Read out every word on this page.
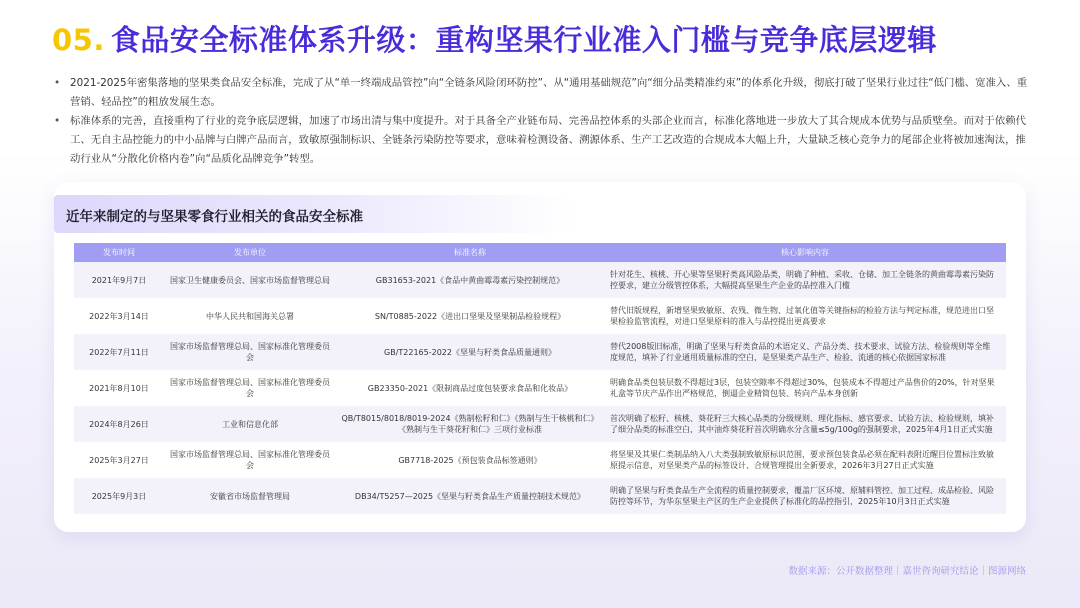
05. 食品安全标准体系升级：重构坚果行业准入门槛与竞争底层逻辑
• 2021-2025年密集落地的坚果类食品安全标准，完成了从“单一终端成品管控”向“全链条风险闭环防控”、从“通用基础规范”向“细分品类精准约束”的体系化升级，彻底打破了坚果行业过往“低门槛、宽准入、重营销、轻品控”的粗放发展生态。
• 标准体系的完善，直接重构了行业的竞争底层逻辑，加速了市场出清与集中度提升。对于具备全产业链布局、完善品控体系的头部企业而言，标准化落地进一步放大了其合规成本优势与品质壁垒。而对于依赖代工、无自主品控能力的中小品牌与白牌产品而言，致敏原强制标识、全链条污染防控等要求，意味着检测设备、溯源体系、生产工艺改造的合规成本大幅上升，大量缺乏核心竞争力的尾部企业将被加速淘汰，推动行业从“分散化价格内卷”向“品质化品牌竞争”转型。
近年来制定的与坚果零食行业相关的食品安全标准
发布时间	发布单位	标准名称	核心影响内容
2021年9月7日	国家卫生健康委员会、国家市场监督管理总局	GB31653-2021《食品中黄曲霉毒素污染控制规范》	针对花生、核桃、开心果等坚果籽类高风险品类，明确了种植、采收、仓储、加工全链条的黄曲霉毒素污染防控要求，建立分级管控体系，大幅提高坚果生产企业的品控准入门槛
2022年3月14日	中华人民共和国海关总署	SN/T0885-2022《进出口坚果及坚果制品检验规程》	替代旧版规程，新增坚果致敏原、农残、微生物、过氧化值等关键指标的检验方法与判定标准，规范进出口坚果检验监管流程，对进口坚果原料的准入与品控提出更高要求
2022年7月11日	国家市场监督管理总局、国家标准化管理委员会	GB/T22165-2022《坚果与籽类食品质量通则》	替代2008版旧标准，明确了坚果与籽类食品的术语定义、产品分类、技术要求、试验方法、检验规则等全维度规范，填补了行业通用质量标准的空白，是坚果类产品生产、检验、流通的核心依据国家标准
2021年8月10日	国家市场监督管理总局、国家标准化管理委员会	GB23350-2021《限制商品过度包装要求食品和化妆品》	明确食品类包装层数不得超过3层，包装空隙率不得超过30%，包装成本不得超过产品售价的20%，针对坚果礼盒等节庆产品作出严格规范，倒逼企业精简包装、转向产品本身创新
2024年8月26日	工业和信息化部	QB/T8015/8018/8019-2024《熟制松籽和仁》《熟制与生干核桃和仁》《熟制与生干葵花籽和仁》三项行业标准	首次明确了松籽、核桃、葵花籽三大核心品类的分级规则、理化指标、感官要求、试验方法、检验规则，填补了细分品类的标准空白，其中油炸葵花籽首次明确水分含量≤5g/100g的强制要求，2025年4月1日正式实施
2025年3月27日	国家市场监督管理总局、国家标准化管理委员会	GB7718-2025《预包装食品标签通则》	将坚果及其果仁类制品纳入八大类强制致敏原标识范围，要求预包装食品必须在配料表附近醒目位置标注致敏原提示信息，对坚果类产品的标签设计、合规管理提出全新要求，2026年3月27日正式实施
2025年9月3日	安徽省市场监督管理局	DB34/T5257—2025《坚果与籽类食品生产质量控制技术规范》	明确了坚果与籽类食品生产全流程的质量控制要求，覆盖厂区环境、原辅料管控、加工过程、成品检验、风险防控等环节，为华东坚果主产区的生产企业提供了标准化的品控指引，2025年10月3日正式实施
数据来源：公开数据整理｜嘉世咨询研究结论｜图源网络
